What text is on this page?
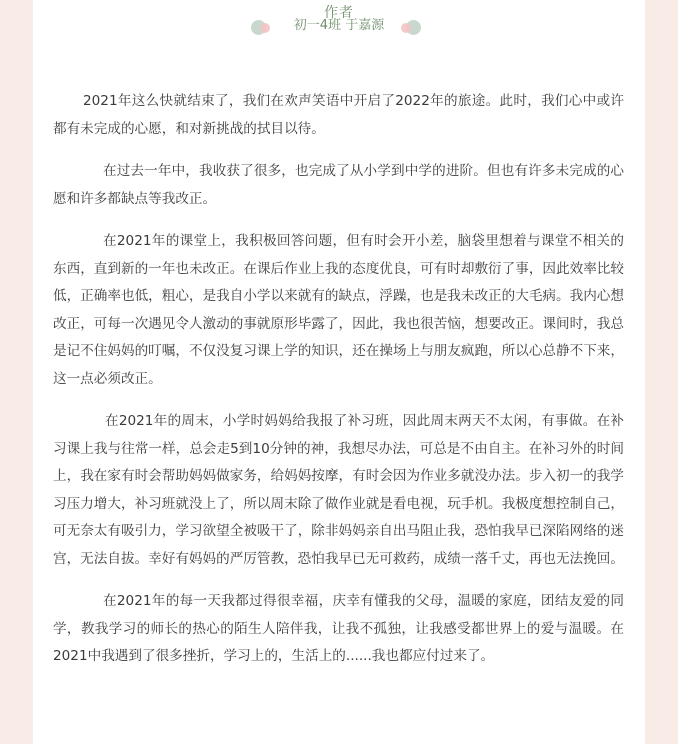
作者
初一4班 于嘉源

2021年这么快就结束了，我们在欢声笑语中开启了2022年的旅途。此时，我们心中或许都有未完成的心愿，和对新挑战的拭目以待。

在过去一年中，我收获了很多，也完成了从小学到中学的进阶。但也有许多未完成的心愿和许多都缺点等我改正。

在2021年的课堂上，我积极回答问题，但有时会开小差，脑袋里想着与课堂不相关的东西，直到新的一年也未改正。在课后作业上我的态度优良，可有时却敷衍了事，因此效率比较低，正确率也低，粗心，是我自小学以来就有的缺点，浮躁，也是我未改正的大毛病。我内心想改正，可每一次遇见令人激动的事就原形毕露了，因此，我也很苦恼，想要改正。课间时，我总是记不住妈妈的叮嘱，不仅没复习课上学的知识，还在操场上与朋友疯跑，所以心总静不下来，这一点必须改正。

在2021年的周末，小学时妈妈给我报了补习班，因此周末两天不太闲，有事做。在补习课上我与往常一样，总会走5到10分钟的神，我想尽办法，可总是不由自主。在补习外的时间上，我在家有时会帮助妈妈做家务，给妈妈按摩，有时会因为作业多就没办法。步入初一的我学习压力增大，补习班就没上了，所以周末除了做作业就是看电视，玩手机。我极度想控制自己，可无奈太有吸引力，学习欲望全被吸干了，除非妈妈亲自出马阻止我，恐怕我早已深陷网络的迷宫，无法自拔。幸好有妈妈的严厉管教，恐怕我早已无可救药，成绩一落千丈，再也无法挽回。

在2021年的每一天我都过得很幸福，庆幸有懂我的父母，温暖的家庭，团结友爱的同学，教我学习的师长的热心的陌生人陪伴我，让我不孤独，让我感受都世界上的爱与温暖。在2021中我遇到了很多挫折，学习上的，生活上的......我也都应付过来了。
